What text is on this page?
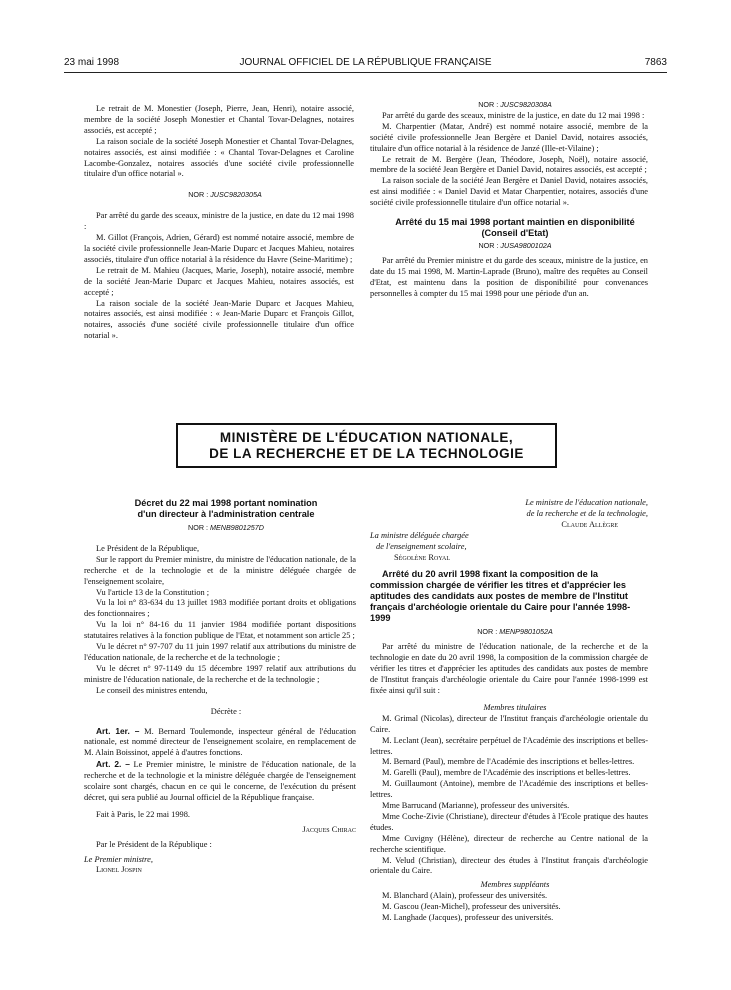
23 mai 1998	JOURNAL OFFICIEL DE LA RÉPUBLIQUE FRANÇAISE	7863

Le retrait de M. Monestier (Joseph, Pierre, Jean, Henri), notaire associé, membre de la société Joseph Monestier et Chantal Tovar-Delagnes, notaires associés, est accepté ;

La raison sociale de la société Joseph Monestier et Chantal Tovar-Delagnes, notaires associés, est ainsi modifiée : « Chantal Tovar-Delagnes et Caroline Lacombe-Gonzalez, notaires associés d'une société civile professionnelle titulaire d'un office notarial ».

NOR : JUSC9820305A

Par arrêté du garde des sceaux, ministre de la justice, en date du 12 mai 1998 :

M. Gillot (François, Adrien, Gérard) est nommé notaire associé, membre de la société civile professionnelle Jean-Marie Duparc et Jacques Mahieu, notaires associés, titulaire d'un office notarial à la résidence du Havre (Seine-Maritime) ;

Le retrait de M. Mahieu (Jacques, Marie, Joseph), notaire associé, membre de la société Jean-Marie Duparc et Jacques Mahieu, notaires associés, est accepté ;

La raison sociale de la société Jean-Marie Duparc et Jacques Mahieu, notaires associés, est ainsi modifiée : « Jean-Marie Duparc et François Gillot, notaires, associés d'une société civile professionnelle titulaire d'un office notarial ».

NOR : JUSC9820308A

Par arrêté du garde des sceaux, ministre de la justice, en date du 12 mai 1998 :

M. Charpentier (Matar, André) est nommé notaire associé, membre de la société civile professionnelle Jean Bergère et Daniel David, notaires associés, titulaire d'un office notarial à la résidence de Janzé (Ille-et-Vilaine) ;

Le retrait de M. Bergère (Jean, Théodore, Joseph, Noël), notaire associé, membre de la société Jean Bergère et Daniel David, notaires associés, est accepté ;

La raison sociale de la société Jean Bergère et Daniel David, notaires associés, est ainsi modifiée : « Daniel David et Matar Charpentier, notaires, associés d'une société civile professionnelle titulaire d'un office notarial ».

Arrêté du 15 mai 1998 portant maintien en disponibilité

(Conseil d'Etat)

NOR : JUSA9800102A

Par arrêté du Premier ministre et du garde des sceaux, ministre de la justice, en date du 15 mai 1998, M. Martin-Laprade (Bruno), maître des requêtes au Conseil d'Etat, est maintenu dans la position de disponibilité pour convenances personnelles à compter du 15 mai 1998 pour une période d'un an.

MINISTÈRE DE L'ÉDUCATION NATIONALE,
DE LA RECHERCHE ET DE LA TECHNOLOGIE

Décret du 22 mai 1998 portant nomination

d'un directeur à l'administration centrale

NOR : MENB9801257D

Le Président de la République,

Sur le rapport du Premier ministre, du ministre de l'éducation nationale, de la recherche et de la technologie et de la ministre déléguée chargée de l'enseignement scolaire,

Vu l'article 13 de la Constitution ;

Vu la loi n° 83-634 du 13 juillet 1983 modifiée portant droits et obligations des fonctionnaires ;

Vu la loi n° 84-16 du 11 janvier 1984 modifiée portant dispositions statutaires relatives à la fonction publique de l'Etat, et notamment son article 25 ;

Vu le décret n° 97-707 du 11 juin 1997 relatif aux attributions du ministre de l'éducation nationale, de la recherche et de la technologie ;

Vu le décret n° 97-1149 du 15 décembre 1997 relatif aux attributions du ministre de l'éducation nationale, de la recherche et de la technologie ;

Le conseil des ministres entendu,

Décrète :

Art. 1er. – M. Bernard Toulemonde, inspecteur général de l'éducation nationale, est nommé directeur de l'enseignement scolaire, en remplacement de M. Alain Boissinot, appelé à d'autres fonctions.

Art. 2. – Le Premier ministre, le ministre de l'éducation nationale, de la recherche et de la technologie et la ministre déléguée chargée de l'enseignement scolaire sont chargés, chacun en ce qui le concerne, de l'exécution du présent décret, qui sera publié au Journal officiel de la République française.

Fait à Paris, le 22 mai 1998.

Jacques Chirac

Par le Président de la République :

Le Premier ministre,

Lionel Jospin

Le ministre de l'éducation nationale,

de la recherche et de la technologie,

Claude Allègre

La ministre déléguée chargée

de l'enseignement scolaire,

Ségolène Royal

Arrêté du 20 avril 1998 fixant la composition de la commission chargée de vérifier les titres et d'apprécier les aptitudes des candidats aux postes de membre de l'Institut français d'archéologie orientale du Caire pour l'année 1998-1999

NOR : MENP9801052A

Par arrêté du ministre de l'éducation nationale, de la recherche et de la technologie en date du 20 avril 1998, la composition de la commission chargée de vérifier les titres et d'apprécier les aptitudes des candidats aux postes de membre de l'Institut français d'archéologie orientale du Caire pour l'année 1998-1999 est fixée ainsi qu'il suit :

Membres titulaires

M. Grimal (Nicolas), directeur de l'Institut français d'archéologie orientale du Caire.

M. Leclant (Jean), secrétaire perpétuel de l'Académie des inscriptions et belles-lettres.

M. Bernard (Paul), membre de l'Académie des inscriptions et belles-lettres.

M. Garelli (Paul), membre de l'Académie des inscriptions et belles-lettres.

M. Guillaumont (Antoine), membre de l'Académie des inscriptions et belles-lettres.

Mme Barrucand (Marianne), professeur des universités.

Mme Coche-Zivie (Christiane), directeur d'études à l'Ecole pratique des hautes études.

Mme Cuvigny (Hélène), directeur de recherche au Centre national de la recherche scientifique.

M. Velud (Christian), directeur des études à l'Institut français d'archéologie orientale du Caire.

Membres suppléants

M. Blanchard (Alain), professeur des universités.

M. Gascou (Jean-Michel), professeur des universités.

M. Langhade (Jacques), professeur des universités.
